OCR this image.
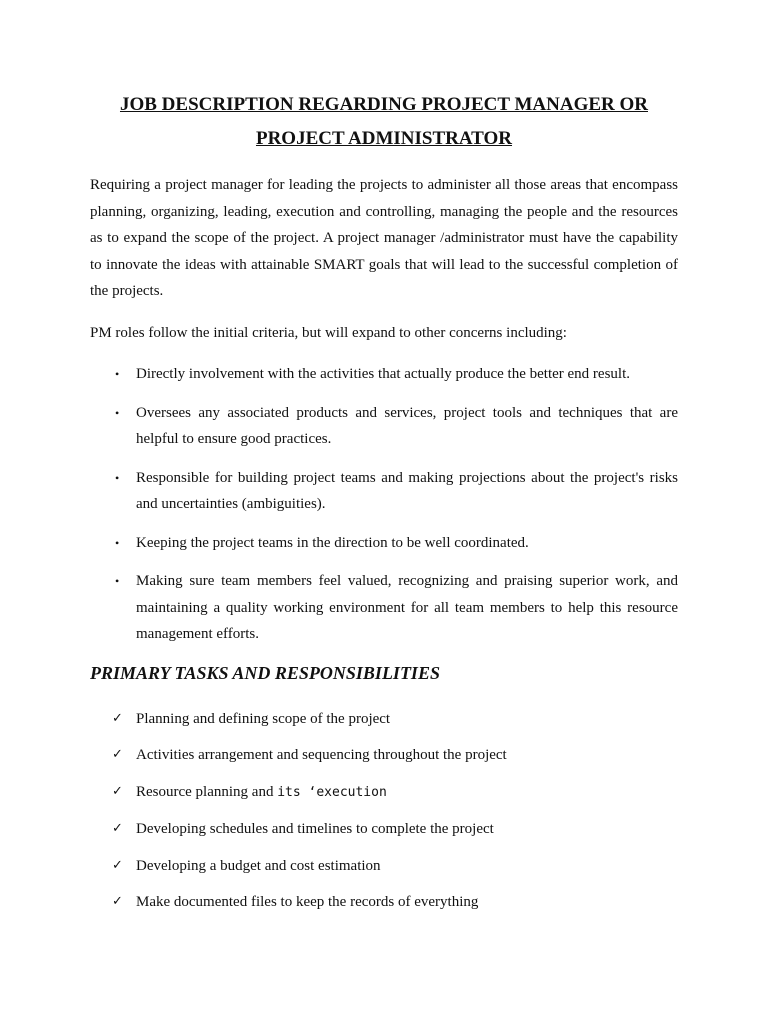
JOB DESCRIPTION REGARDING PROJECT MANAGER OR PROJECT ADMINISTRATOR

Requiring a project manager for leading the projects to administer all those areas that encompass planning, organizing, leading, execution and controlling, managing the people and the resources as to expand the scope of the project. A project manager /administrator must have the capability to innovate the ideas with attainable SMART goals that will lead to the successful completion of the projects.

PM roles follow the initial criteria, but will expand to other concerns including:

• Directly involvement with the activities that actually produce the better end result.
• Oversees any associated products and services, project tools and techniques that are helpful to ensure good practices.
• Responsible for building project teams and making projections about the project's risks and uncertainties (ambiguities).
• Keeping the project teams in the direction to be well coordinated.
• Making sure team members feel valued, recognizing and praising superior work, and maintaining a quality working environment for all team members to help this resource management efforts.
PRIMARY TASKS AND RESPONSIBILITIES
✓ Planning and defining scope of the project
✓ Activities arrangement and sequencing throughout the project
✓ Resource planning and its ‘execution
✓ Developing schedules and timelines to complete the project
✓ Developing a budget and cost estimation
✓ Make documented files to keep the records of everything
